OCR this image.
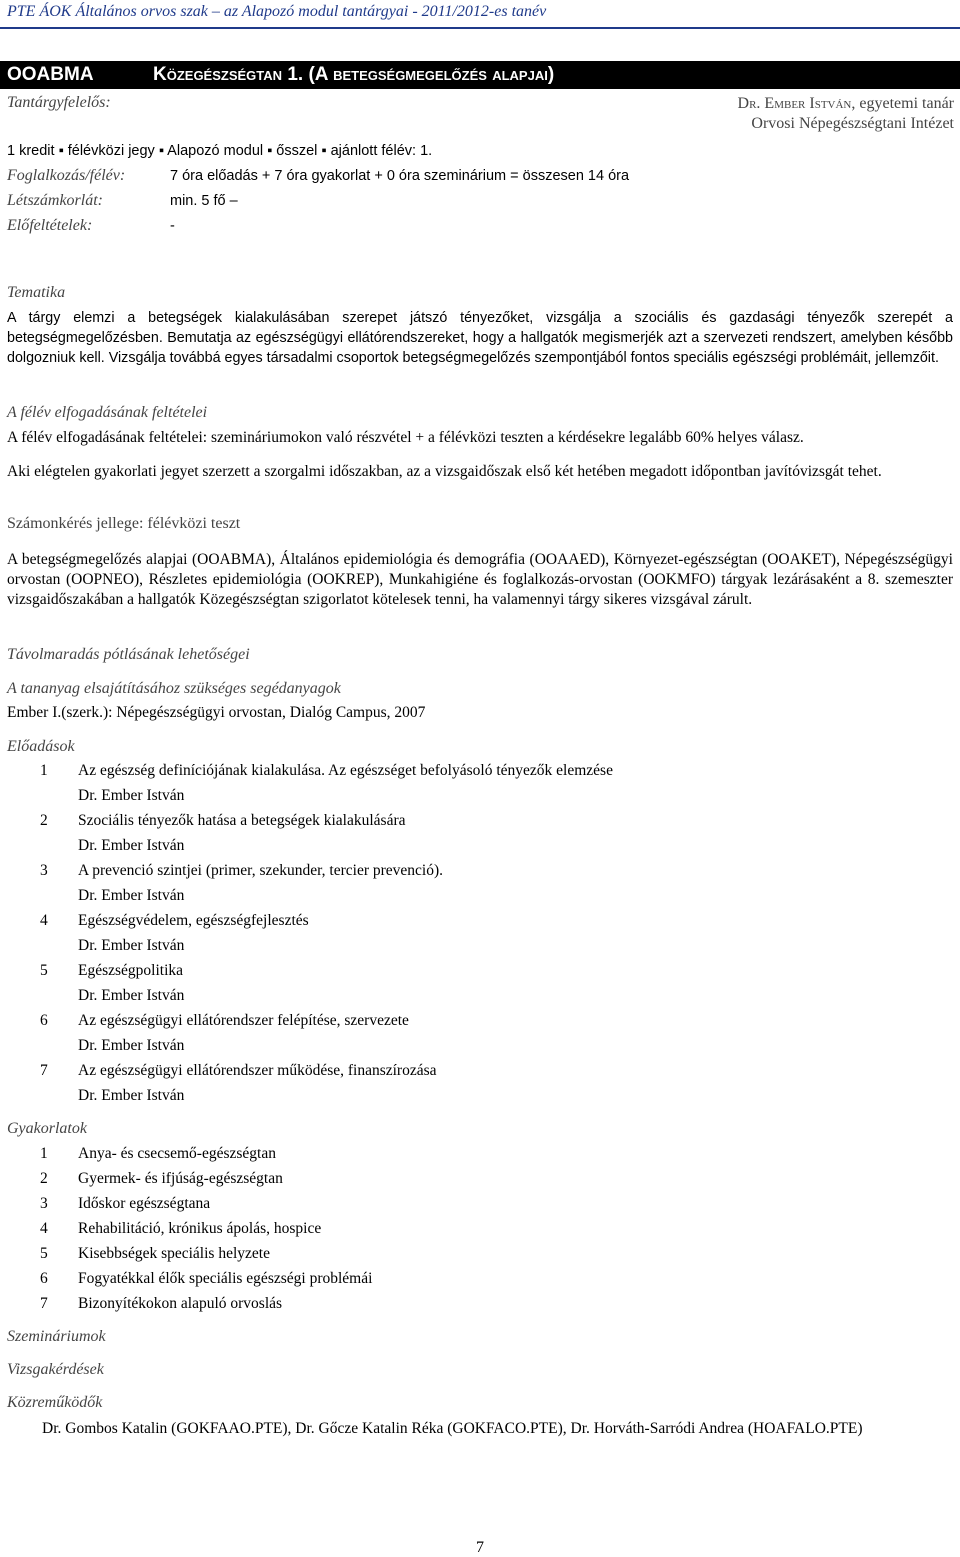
PTE ÁOK Általános orvos szak – az Alapozó modul tantárgyai - 2011/2012-es tanév
OOABMA	Közegészségtan 1. (A betegségmegelőzés alapjai)
Tantárgyfelelős:	Dr. Ember István, egyetemi tanár
Orvosi Népegészségtani Intézet
1 kredit ▪ félévközi jegy ▪ Alapozó modul ▪ ősszel ▪ ajánlott félév: 1.
Foglalkozás/félév:	7 óra előadás + 7 óra gyakorlat + 0 óra szeminárium = összesen 14 óra
Létszámkorlát:	min. 5 fő –
Előfeltételek:	-
Tematika
A tárgy elemzi a betegségek kialakulásában szerepet játszó tényezőket, vizsgálja a szociális és gazdasági tényezők szerepét a betegségmegelőzésben. Bemutatja az egészségügyi ellátórendszereket, hogy a hallgatók megismerjék azt a szervezeti rendszert, amelyben később dolgozniuk kell. Vizsgálja továbbá egyes társadalmi csoportok betegségmegelőzés szempontjából fontos speciális egészségi problémáit, jellemzőit.
A félév elfogadásának feltételei
A félév elfogadásának feltételei: szemináriumokon való részvétel + a félévközi teszten a kérdésekre legalább 60% helyes válasz.
Aki elégtelen gyakorlati jegyet szerzett a szorgalmi időszakban, az a vizsgaidőszak első két hetében megadott időpontban javítóvizsgát tehet.
Számonkérés jellege: félévközi teszt
A betegségmegelőzés alapjai (OOABMA), Általános epidemiológia és demográfia (OOAAED), Környezet-egészségtan (OOAKET), Népegészségügyi orvostan (OOPNEO), Részletes epidemiológia (OOKREP), Munkahigiéne és foglalkozás-orvostan (OOKMFO) tárgyak lezárásaként a 8. szemeszter vizsgaidőszakában a hallgatók Közegészségtan szigorlatot kötelesek tenni, ha valamennyi tárgy sikeres vizsgával zárult.
Távolmaradás pótlásának lehetőségei
A tananyag elsajátításához szükséges segédanyagok
Ember I.(szerk.): Népegészségügyi orvostan, Dialóg Campus, 2007
Előadások
1	Az egészség definíciójának kialakulása. Az egészséget befolyásoló tényezők elemzése
Dr. Ember István
2	Szociális tényezők hatása a betegségek kialakulására
Dr. Ember István
3	A prevenció szintjei (primer, szekunder, tercier prevenció).
Dr. Ember István
4	Egészségvédelem, egészségfejlesztés
Dr. Ember István
5	Egészségpolitika
Dr. Ember István
6	Az egészségügyi ellátórendszer felépítése, szervezete
Dr. Ember István
7	Az egészségügyi ellátórendszer működése, finanszírozása
Dr. Ember István
Gyakorlatok
1	Anya- és csecsemő-egészségtan
2	Gyermek- és ifjúság-egészségtan
3	Időskor egészségtana
4	Rehabilitáció, krónikus ápolás, hospice
5	Kisebbségek speciális helyzete
6	Fogyatékkal élők speciális egészségi problémái
7	Bizonyítékokon alapuló orvoslás
Szemináriumok
Vizsgakérdések
Közreműködők
Dr. Gombos Katalin (GOKFAAO.PTE), Dr. Gőcze Katalin Réka (GOKFACO.PTE), Dr. Horváth-Sarródi Andrea (HOAFALO.PTE)
7
